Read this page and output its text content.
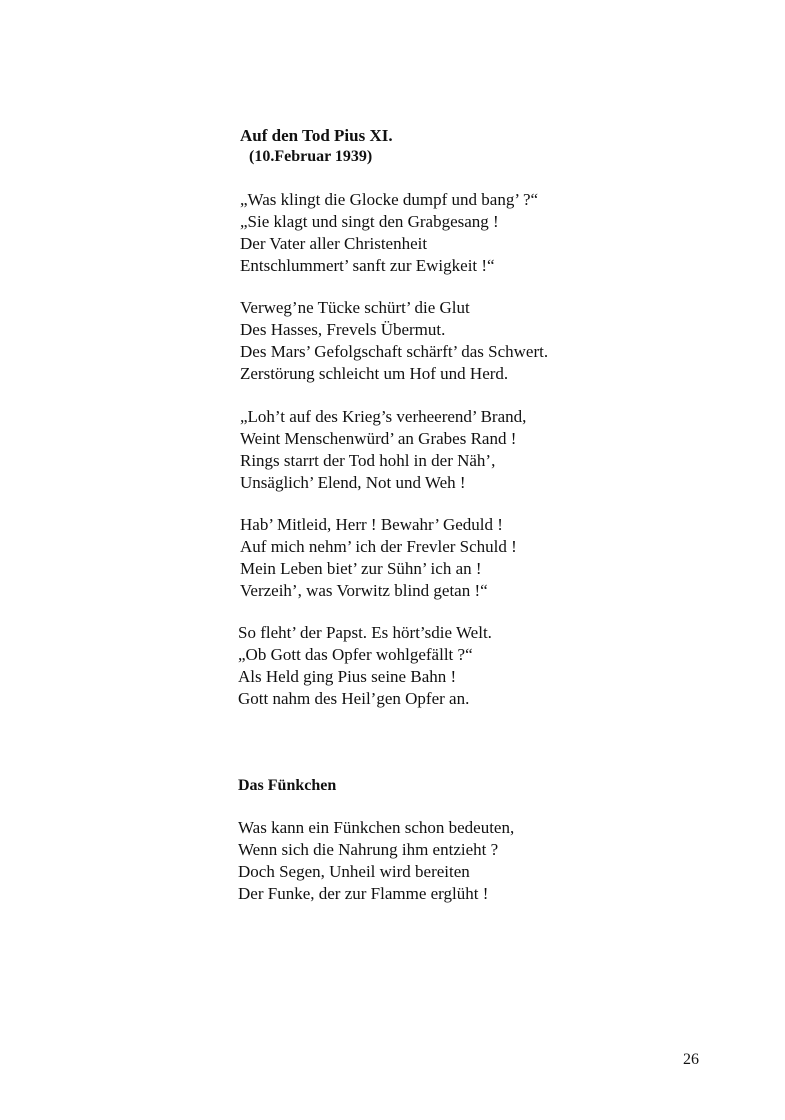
Auf den Tod Pius XI.
(10.Februar 1939)
„Was klingt die Glocke dumpf und bang’ ?“
„Sie klagt und singt den Grabgesang !
Der Vater aller Christenheit
Entschlummert’ sanft zur Ewigkeit !“
Verweg’ne Tücke schürt’ die Glut
Des Hasses, Frevels Übermut.
Des Mars’ Gefolgschaft schärft’ das Schwert.
Zerstörung schleicht um Hof und Herd.
„Loh’t auf des Krieg’s verheerend’ Brand,
Weint Menschenwürd’ an Grabes Rand !
Rings starrt der Tod hohl in der Näh’,
Unsäglich’ Elend, Not und Weh !
Hab’ Mitleid, Herr ! Bewahr’ Geduld !
Auf mich nehm’ ich der Frevler Schuld !
Mein Leben biet’ zur Sühn’ ich an !
Verzeih’, was Vorwitz blind getan !“
So fleht’ der Papst. Es hört’sdie Welt.
„Ob Gott das Opfer wohlgefällt ?“
Als Held ging Pius seine Bahn !
Gott nahm des Heil’gen Opfer an.
Das Fünkchen
Was kann ein Fünkchen schon bedeuten,
Wenn sich die Nahrung ihm entzieht ?
Doch Segen, Unheil wird bereiten
Der Funke, der zur Flamme erglüht !
26
